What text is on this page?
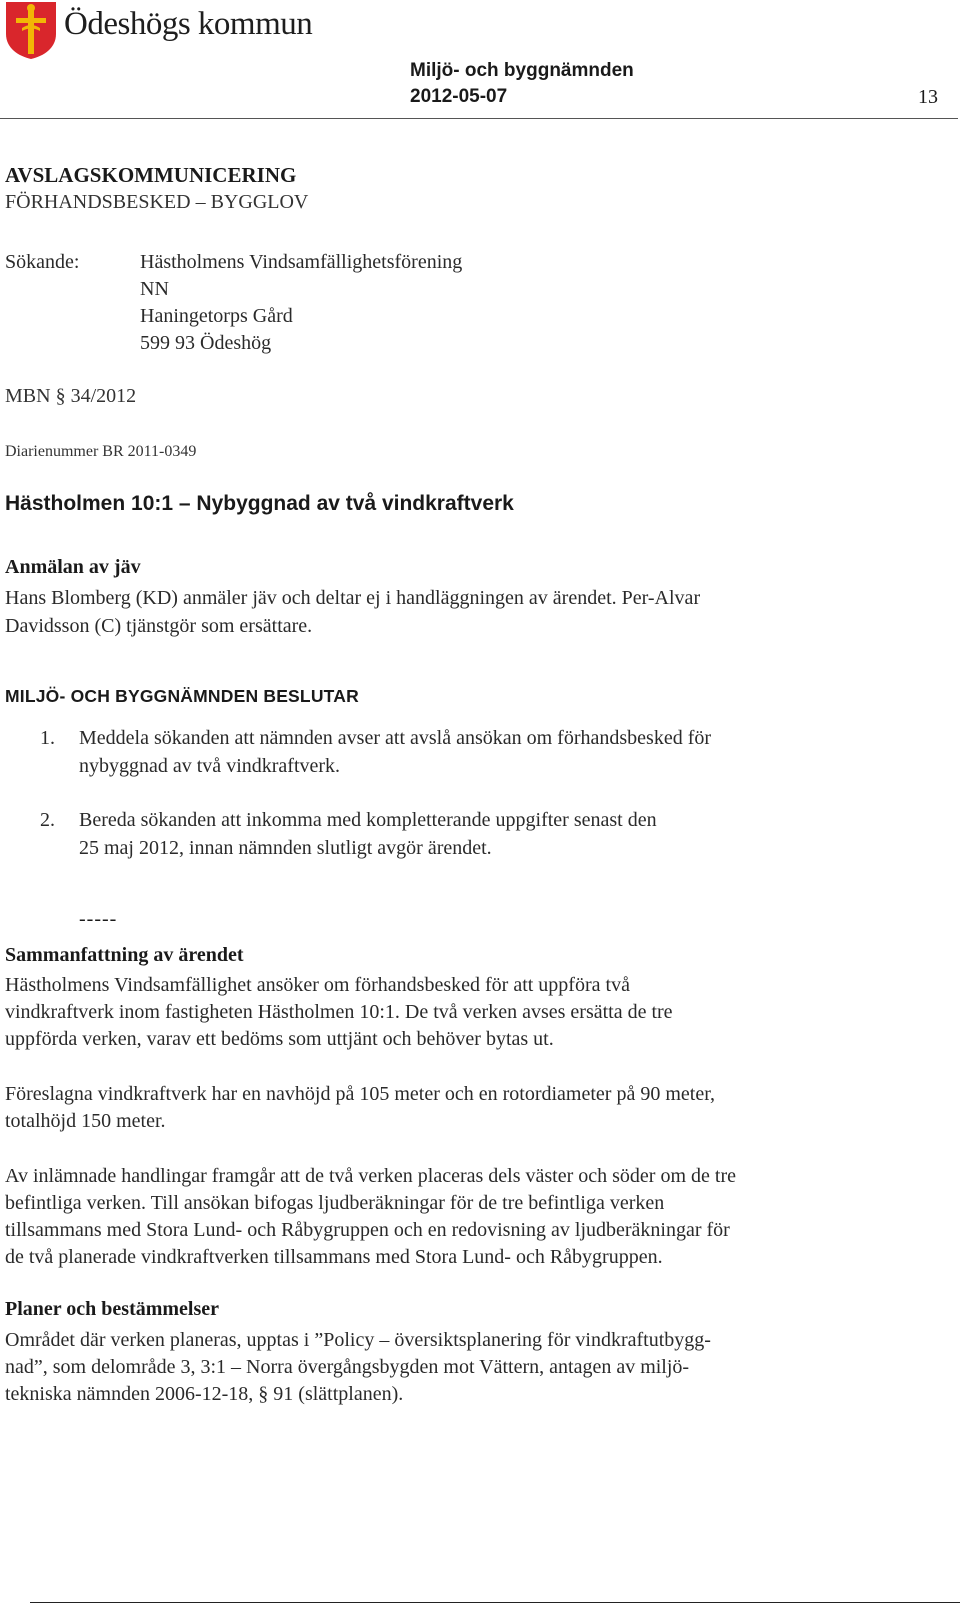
Ödeshögs kommun
Miljö- och byggnämnden
2012-05-07	13
AVSLAGSKOMMUNICERING
FÖRHANDSBESKED – BYGGLOV
Sökande:	Hästholmens Vindsamfällighetsförening
NN
Haningetorps Gård
599 93 Ödeshög
MBN § 34/2012
Diarienummer BR 2011-0349
Hästholmen 10:1 – Nybyggnad av två vindkraftverk
Anmälan av jäv
Hans Blomberg (KD) anmäler jäv och deltar ej i handläggningen av ärendet. Per-Alvar
Davidsson (C) tjänstgör som ersättare.
MILJÖ- OCH BYGGNÄMNDEN BESLUTAR
1. Meddela sökanden att nämnden avser att avslå ansökan om förhandsbesked för
nybyggnad av två vindkraftverk.
2. Bereda sökanden att inkomma med kompletterande uppgifter senast den
25 maj 2012, innan nämnden slutligt avgör ärendet.
-----
Sammanfattning av ärendet
Hästholmens Vindsamfällighet ansöker om förhandsbesked för att uppföra två
vindkraftverk inom fastigheten Hästholmen 10:1. De två verken avses ersätta de tre
uppförda verken, varav ett bedöms som uttjänt och behöver bytas ut.
Föreslagna vindkraftverk har en navhöjd på 105 meter och en rotordiameter på 90 meter,
totalhöjd 150 meter.
Av inlämnade handlingar framgår att de två verken placeras dels väster och söder om de tre
befintliga verken. Till ansökan bifogas ljudberäkningar för de tre befintliga verken
tillsammans med Stora Lund- och Råbygruppen och en redovisning av ljudberäkningar för
de två planerade vindkraftverken tillsammans med Stora Lund- och Råbygruppen.
Planer och bestämmelser
Området där verken planeras, upptas i ”Policy – översiktsplanering för vindkraftutbygg-
nad”, som delområde 3, 3:1 – Norra övergångsbygden mot Vättern, antagen av miljö-
tekniska nämnden 2006-12-18, § 91 (slättplanen).
